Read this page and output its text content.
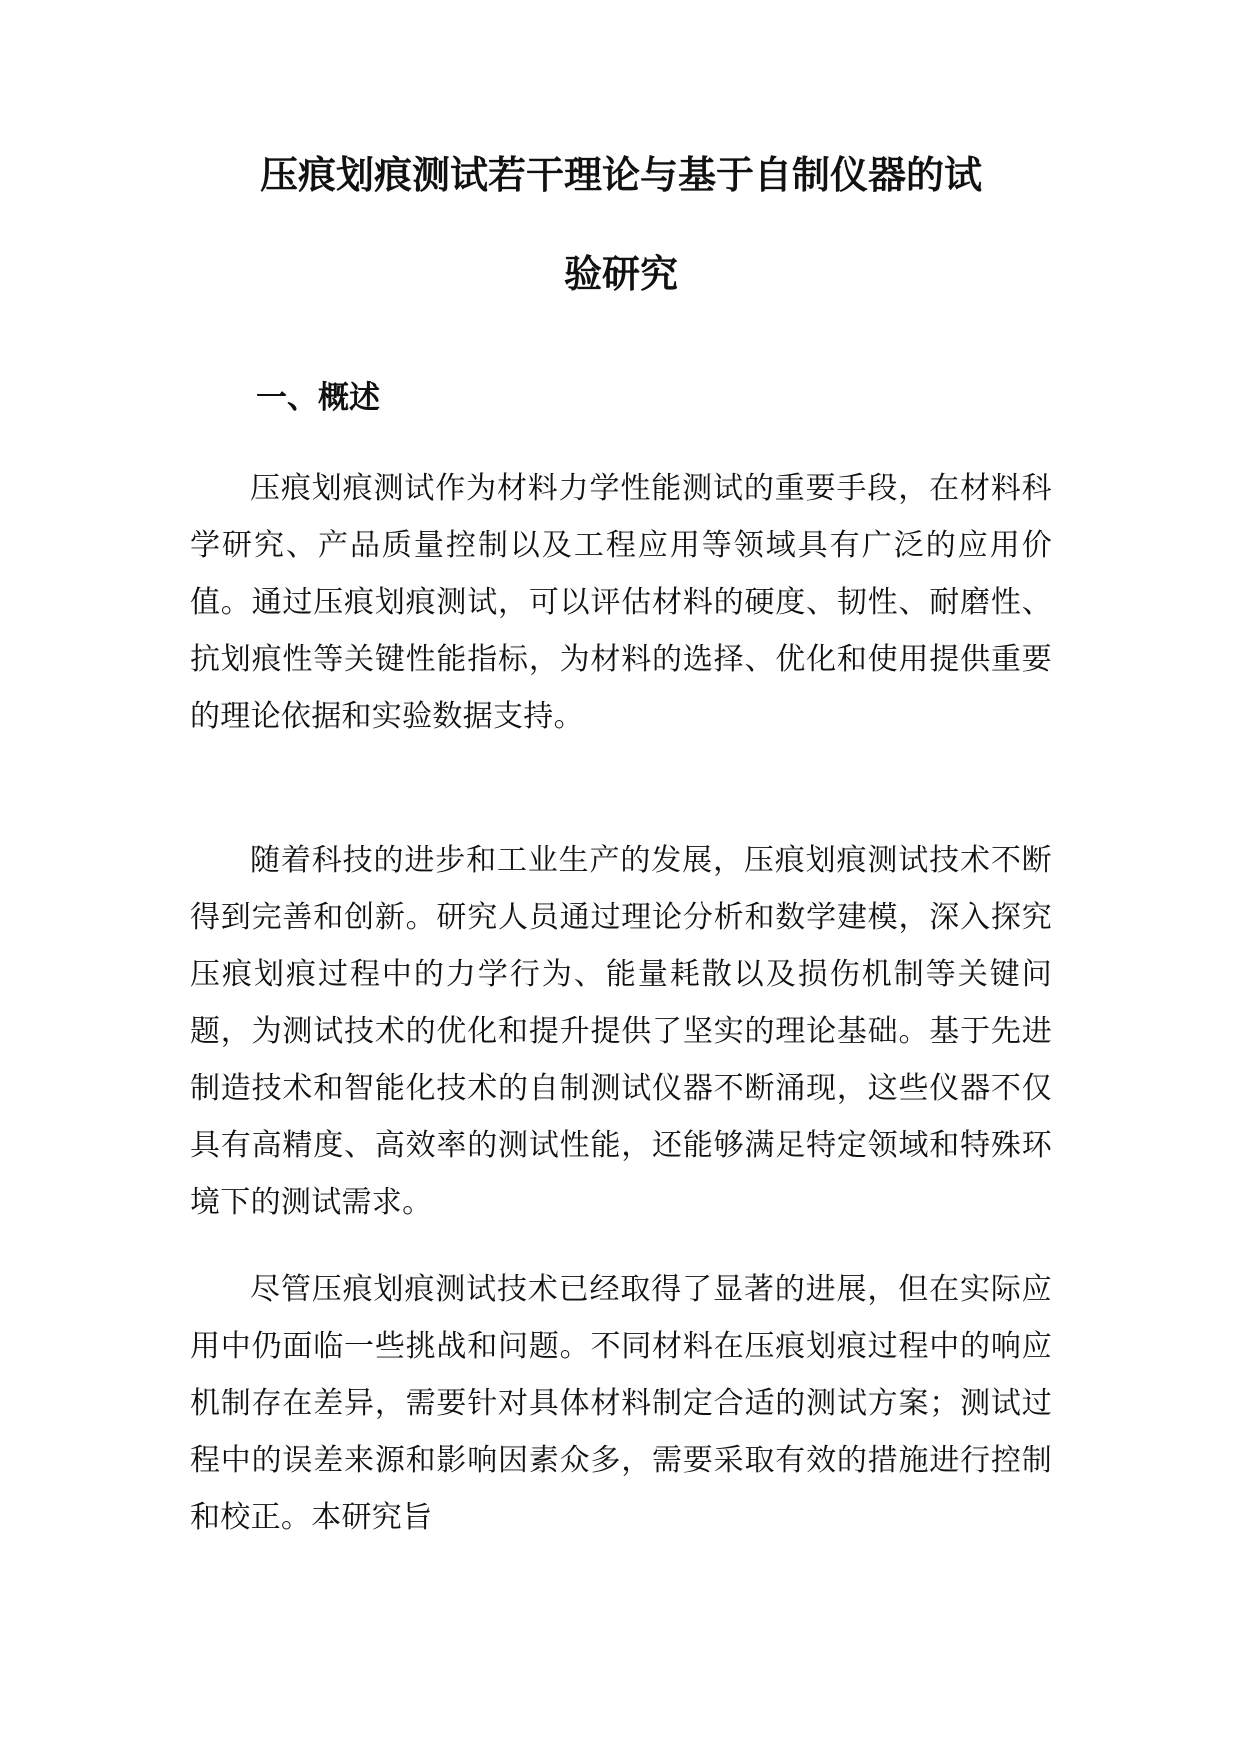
压痕划痕测试若干理论与基于自制仪器的试
验研究
一、概述

压痕划痕测试作为材料力学性能测试的重要手段，在材料科学研究、产品质量控制以及工程应用等领域具有广泛的应用价值。通过压痕划痕测试，可以评估材料的硬度、韧性、耐磨性、抗划痕性等关键性能指标，为材料的选择、优化和使用提供重要的理论依据和实验数据支持。

随着科技的进步和工业生产的发展，压痕划痕测试技术不断得到完善和创新。研究人员通过理论分析和数学建模，深入探究压痕划痕过程中的力学行为、能量耗散以及损伤机制等关键问题，为测试技术的优化和提升提供了坚实的理论基础。基于先进制造技术和智能化技术的自制测试仪器不断涌现，这些仪器不仅具有高精度、高效率的测试性能，还能够满足特定领域和特殊环境下的测试需求。

尽管压痕划痕测试技术已经取得了显著的进展，但在实际应用中仍面临一些挑战和问题。不同材料在压痕划痕过程中的响应机制存在差异，需要针对具体材料制定合适的测试方案；测试过程中的误差来源和影响因素众多，需要采取有效的措施进行控制和校正。本研究旨
